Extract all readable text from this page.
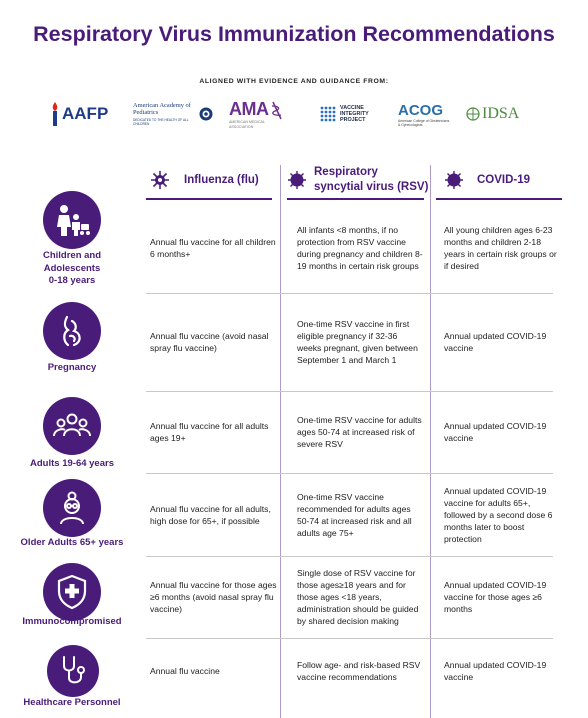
Respiratory Virus Immunization Recommendations
ALIGNED WITH EVIDENCE AND GUIDANCE FROM:
AAFP	American Academy of Pediatrics
DEDICATED TO THE HEALTH OF ALL CHILDREN
AMA
AMERICAN MEDICAL ASSOCIATION
VACCINE INTEGRITY PROJECT
ACOG
American College of Obstetricians & Gynecologists
IDSA
Influenza (flu)
Respiratory
syncytial virus (RSV)
COVID-19
Children and
Adolescents
0-18 years
Annual flu vaccine for all children 6 months+
All infants <8 months, if no protection from RSV vaccine during pregnancy and children 8-19 months in certain risk groups
All young children ages 6-23 months and children 2-18 years in certain risk groups or if desired
Pregnancy
Annual flu vaccine (avoid nasal spray flu vaccine)
One-time RSV vaccine in first eligible pregnancy if 32-36 weeks pregnant, given between September 1 and March 1
Annual updated COVID-19 vaccine
Adults 19-64 years
Annual flu vaccine for all adults ages 19+
One-time RSV vaccine for adults ages 50-74 at increased risk of severe RSV
Annual updated COVID-19 vaccine
Older Adults 65+ years
Annual flu vaccine for all adults, high dose for 65+, if possible
One-time RSV vaccine recommended for adults ages 50-74 at increased risk and all adults age 75+
Annual updated COVID-19 vaccine for adults 65+, followed by a second dose 6 months later to boost protection
Immunocompromised
Annual flu vaccine for those ages ≥6 months (avoid nasal spray flu vaccine)
Single dose of RSV vaccine for those ages≥18 years and for those ages <18 years, administration should be guided by shared decision making
Annual updated COVID-19 vaccine for those ages ≥6 months
Healthcare Personnel
Annual flu vaccine
Follow age- and risk-based RSV vaccine recommendations
Annual updated COVID-19 vaccine
